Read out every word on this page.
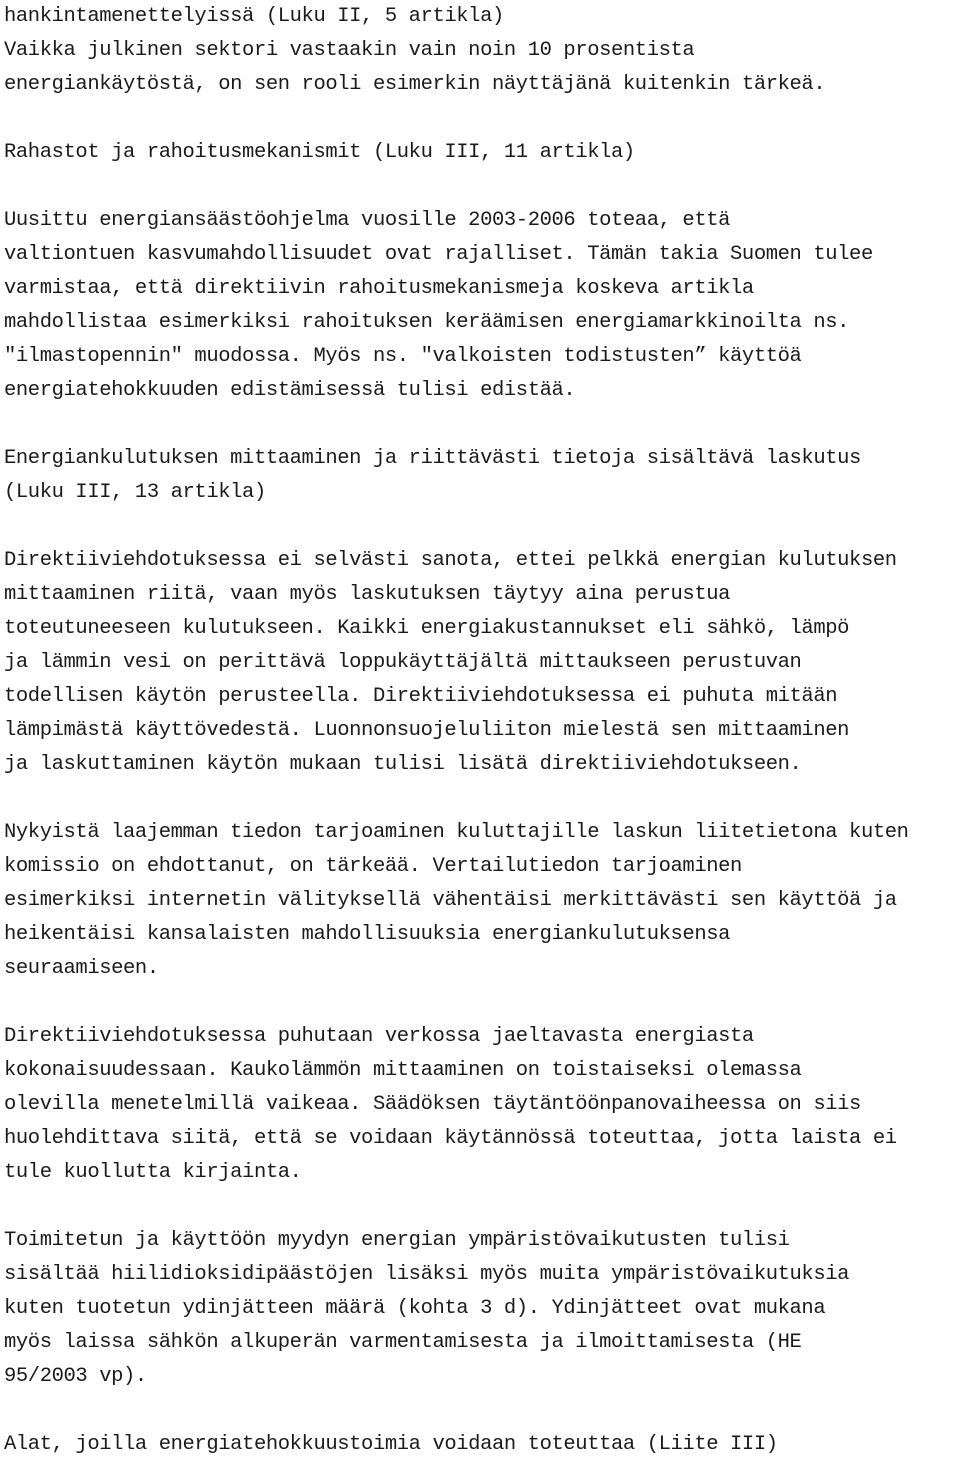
hankintamenettelyissä (Luku II, 5 artikla)
Vaikka julkinen sektori vastaakin vain noin 10 prosentista
energiankäytöstä, on sen rooli esimerkin näyttäjänä kuitenkin tärkeä.
Rahastot ja rahoitusmekanismit (Luku III, 11 artikla)
Uusittu energiansäästöohjelma vuosille 2003-2006 toteaa, että
valtiontuen kasvumahdollisuudet ovat rajalliset. Tämän takia Suomen tulee
varmistaa, että direktiivin rahoitusmekanismeja koskeva artikla
mahdollistaa esimerkiksi rahoituksen keräämisen energiamarkkinoilta ns.
"ilmastopennin" muodossa. Myös ns. "valkoisten todistusten” käyttöä
energiatehokkuuden edistämisessä tulisi edistää.
Energiankulutuksen mittaaminen ja riittävästi tietoja sisältävä laskutus
(Luku III, 13 artikla)
Direktiiviehdotuksessa ei selvästi sanota, ettei pelkkä energian kulutuksen
mittaaminen riitä, vaan myös laskutuksen täytyy aina perustua
toteutuneeseen kulutukseen. Kaikki energiakustannukset eli sähkö, lämpö
ja lämmin vesi on perittävä loppukäyttäjältä mittaukseen perustuvan
todellisen käytön perusteella. Direktiiviehdotuksessa ei puhuta mitään
lämpimästä käyttövedestä. Luonnonsuojeluliiton mielestä sen mittaaminen
ja laskuttaminen käytön mukaan tulisi lisätä direktiiviehdotukseen.
Nykyistä laajemman tiedon tarjoaminen kuluttajille laskun liitetietona kuten
komissio on ehdottanut, on tärkeää. Vertailutiedon tarjoaminen
esimerkiksi internetin välityksellä vähentäisi merkittävästi sen käyttöä ja
heikentäisi kansalaisten mahdollisuuksia energiankulutuksensa
seuraamiseen.
Direktiiviehdotuksessa puhutaan verkossa jaeltavasta energiasta
kokonaisuudessaan. Kaukolämmön mittaaminen on toistaiseksi olemassa
olevilla menetelmillä vaikeaa. Säädöksen täytäntöönpanovaiheessa on siis
huolehdittava siitä, että se voidaan käytännössä toteuttaa, jotta laista ei
tule kuollutta kirjainta.
Toimitetun ja käyttöön myydyn energian ympäristövaikutusten tulisi
sisältää hiilidioksidipäästöjen lisäksi myös muita ympäristövaikutuksia
kuten tuotetun ydinjätteen määrä (kohta 3 d). Ydinjätteet ovat mukana
myös laissa sähkön alkuperän varmentamisesta ja ilmoittamisesta (HE
95/2003 vp).
Alat, joilla energiatehokkuustoimia voidaan toteuttaa (Liite III)
